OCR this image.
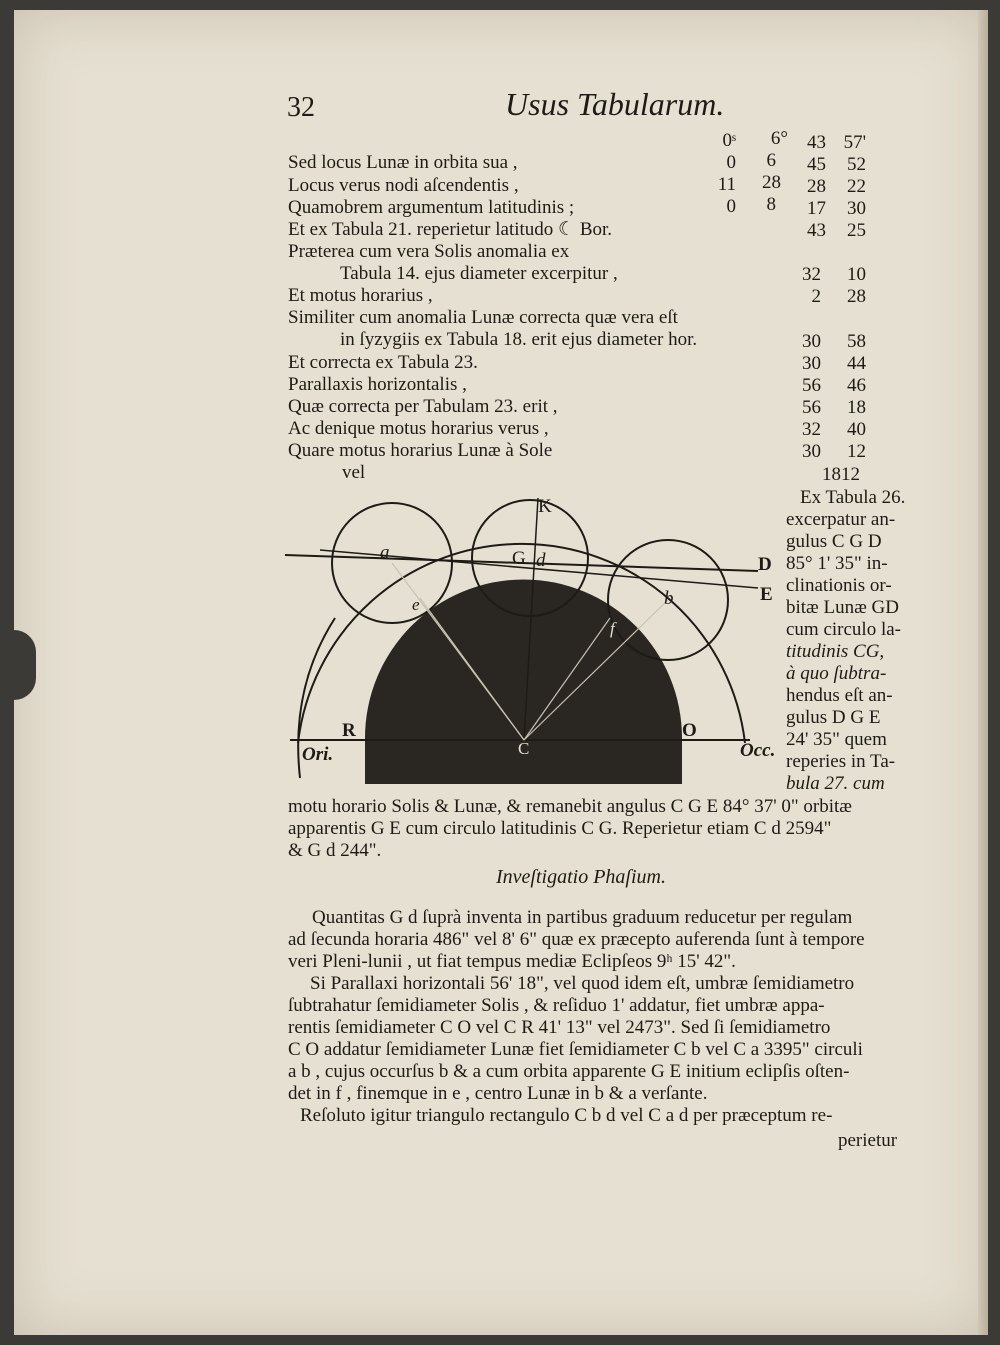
32	Usus Tabularum.
0ˢ	6°	43 57'
Sed locus Lunæ in orbita sua ,	0	6	45	52
Locus verus nodi aſcendentis ,	11	28	28	22
Quamobrem argumentum latitudinis ;	0	8	17	30
Et ex Tabula 21. reperietur latitudo ☾ Bor.	43	25
Præterea cum vera Solis anomalia ex
Tabula 14. ejus diameter excerpitur ,	32	10
Et motus horarius ,	2	28
Similiter cum anomalia Lunæ correcta quæ vera eſt
in ſyzygiis ex Tabula 18. erit ejus diameter hor.	30	58
Et correcta ex Tabula 23.	30	44
Parallaxis horizontalis ,	56	46
Quæ correcta per Tabulam 23. erit ,	56	18
Ac denique motus horarius verus ,	32	40
Quare motus horarius Lunæ à Sole	30	12
vel	1812
K
G d
a
b
e
f
D
E
R	O
C
Ori.	Occ.
Ex Tabula 26.
excerpatur an-
gulus C G D
85° 1' 35" in-
clinationis or-
bitæ Lunæ GD
cum circulo la-
titudinis CG,
à quo ſubtra-
hendus eſt an-
gulus D G E
24' 35" quem
reperies in Ta-
bula 27. cum
motu horario Solis & Lunæ, & remanebit angulus C G E 84° 37' 0" orbitæ
apparentis G E cum circulo latitudinis C G. Reperietur etiam C d 2594"
& G d 244".
Inveſtigatio Phaſium.
Quantitas G d ſuprà inventa in partibus graduum reducetur per regulam
ad ſecunda horaria 486" vel 8' 6" quæ ex præcepto auferenda ſunt à tempore
veri Pleni-lunii , ut fiat tempus mediæ Eclipſeos 9ʰ 15' 42".
Si Parallaxi horizontali 56' 18", vel quod idem eſt, umbræ ſemidiametro
ſubtrahatur ſemidiameter Solis , & reſiduo 1' addatur, fiet umbræ appa-
rentis ſemidiameter C O vel C R 41' 13" vel 2473". Sed ſi ſemidiametro
C O addatur ſemidiameter Lunæ fiet ſemidiameter C b vel C a 3395" circuli
a b , cujus occurſus b & a cum orbita apparente G E initium eclipſis oſten-
det in f , finemque in e , centro Lunæ in b & a verſante.
Reſoluto igitur triangulo rectangulo C b d vel C a d per præceptum re-
perietur
